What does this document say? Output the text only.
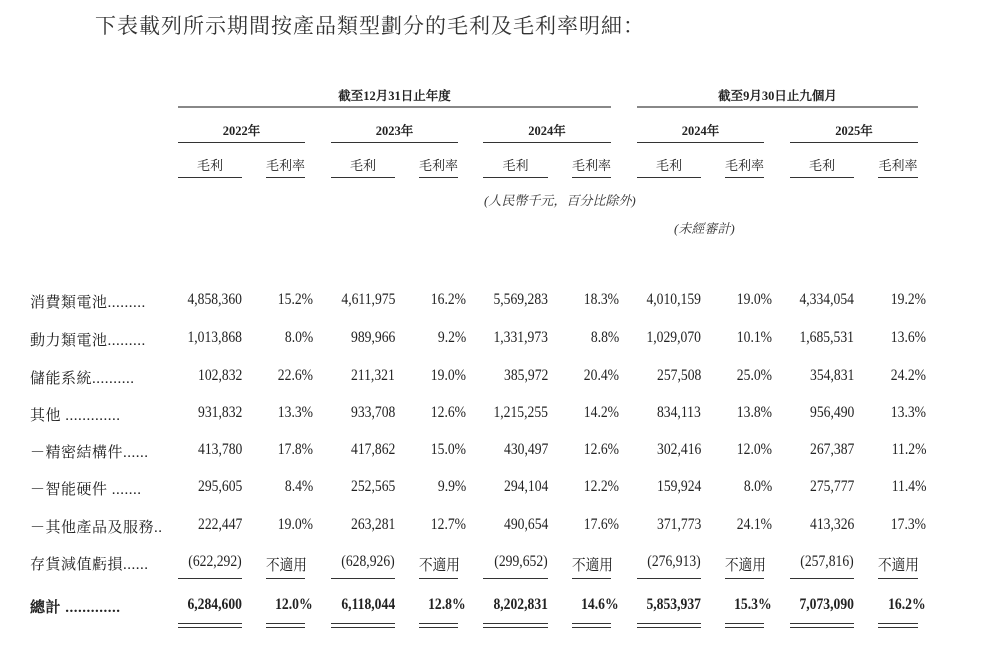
下表載列所示期間按產品類型劃分的毛利及毛利率明細：
截至12月31日止年度	截至9月30日止九個月
2022年	2023年	2024年	2024年	2025年
毛利	毛利率	毛利	毛利率	毛利	毛利率	毛利	毛利率	毛利	毛利率
(人民幣千元，百分比除外)
(未經審計)
消費類電池.........	4,858,360 15.2% 4,611,975 16.2% 5,569,283 18.3% 4,010,159 19.0% 4,334,054 19.2%
動力類電池.........	1,013,868	8.0% 989,966	9.2% 1,331,973	8.8% 1,029,070 10.1% 1,685,531 13.6%
儲能系統..........	102,832 22.6% 211,321 19.0% 385,972 20.4% 257,508 25.0% 354,831 24.2%
其他 .............	931,832 13.3% 933,708 12.6% 1,215,255 14.2% 834,113 13.8% 956,490 13.3%
－精密結構件......	413,780 17.8% 417,862 15.0% 430,497 12.6% 302,416 12.0% 267,387 11.2%
－智能硬件 .......	295,605	8.4% 252,565	9.9% 294,104 12.2% 159,924	8.0% 275,777 11.4%
－其他產品及服務.. 222,447 19.0% 263,281 12.7% 490,654 17.6% 371,773 24.1% 413,326 17.3%
存貨減值虧損......	(622,292) 不適用 (628,926) 不適用 (299,652) 不適用 (276,913) 不適用 (257,816) 不適用
總計 .............	6,284,600 12.0% 6,118,044 12.8% 8,202,831 14.6% 5,853,937 15.3% 7,073,090 16.2%
